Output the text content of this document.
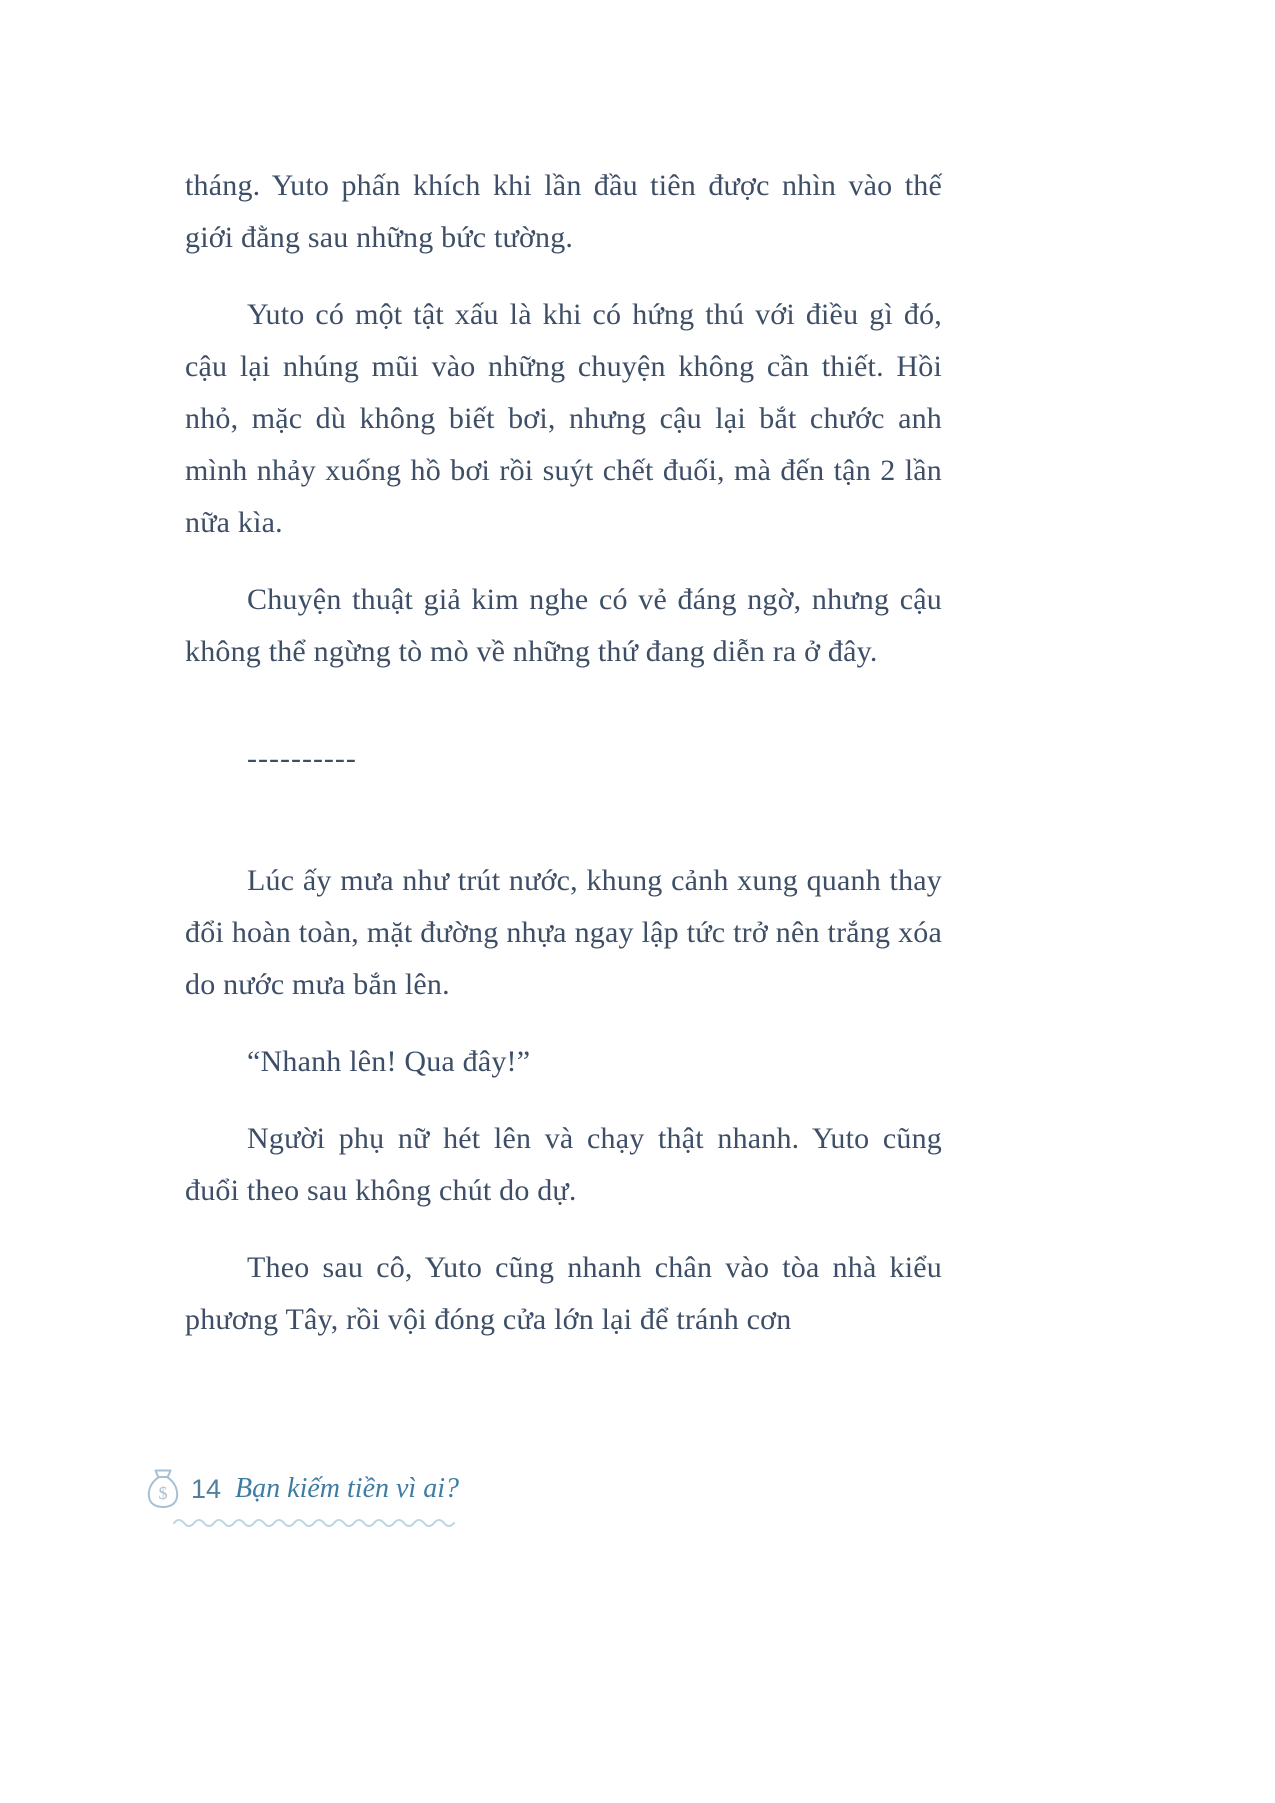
tháng. Yuto phấn khích khi lần đầu tiên được nhìn vào thế giới đằng sau những bức tường.

Yuto có một tật xấu là khi có hứng thú với điều gì đó, cậu lại nhúng mũi vào những chuyện không cần thiết. Hồi nhỏ, mặc dù không biết bơi, nhưng cậu lại bắt chước anh mình nhảy xuống hồ bơi rồi suýt chết đuối, mà đến tận 2 lần nữa kìa.

Chuyện thuật giả kim nghe có vẻ đáng ngờ, nhưng cậu không thể ngừng tò mò về những thứ đang diễn ra ở đây.

----------

Lúc ấy mưa như trút nước, khung cảnh xung quanh thay đổi hoàn toàn, mặt đường nhựa ngay lập tức trở nên trắng xóa do nước mưa bắn lên.

“Nhanh lên! Qua đây!”

Người phụ nữ hét lên và chạy thật nhanh. Yuto cũng đuổi theo sau không chút do dự.

Theo sau cô, Yuto cũng nhanh chân vào tòa nhà kiểu phương Tây, rồi vội đóng cửa lớn lại để tránh cơn

$ 14 Bạn kiếm tiền vì ai?
